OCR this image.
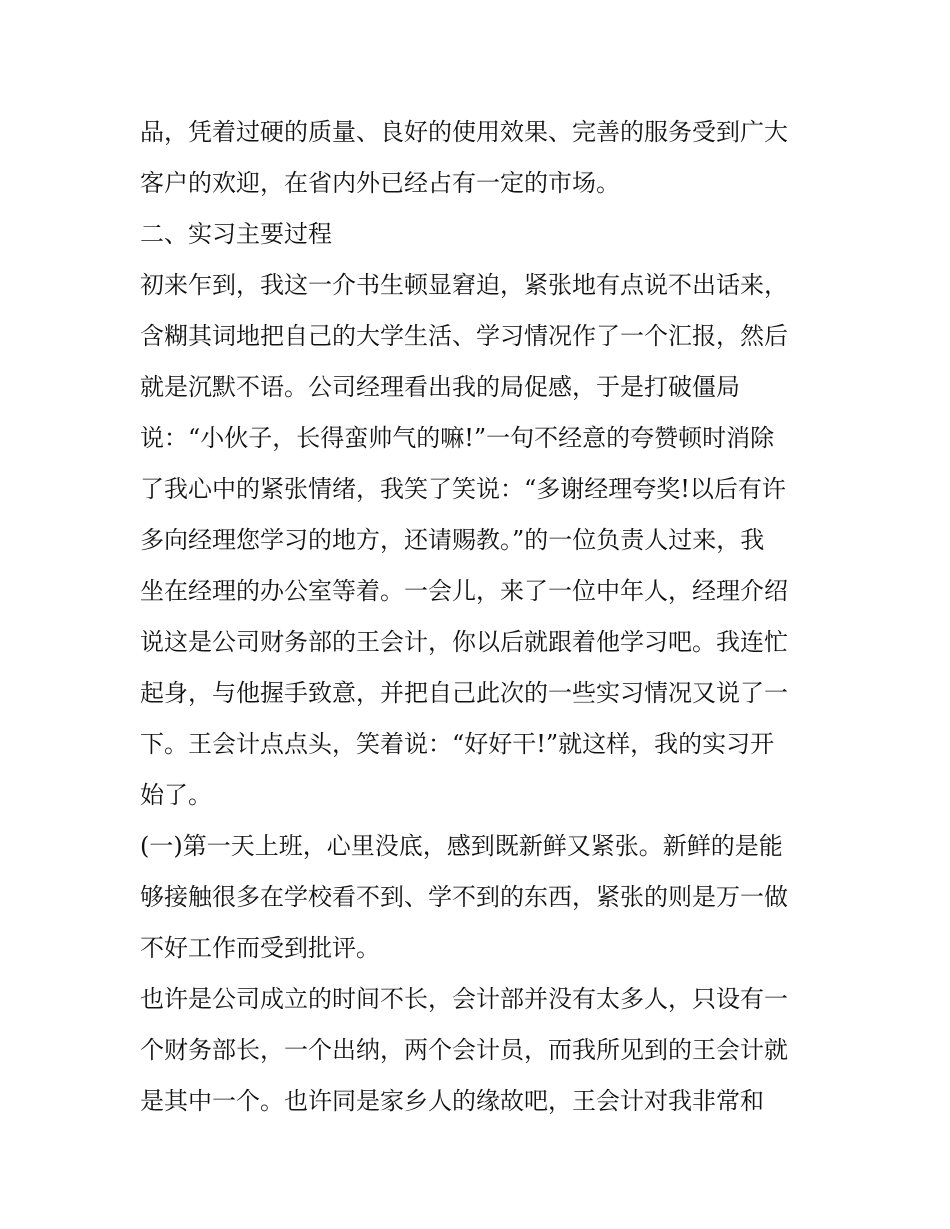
品，凭着过硬的质量、良好的使用效果、完善的服务受到广大
客户的欢迎，在省内外已经占有一定的市场。
二、实习主要过程
初来乍到，我这一介书生顿显窘迫，紧张地有点说不出话来，
含糊其词地把自己的大学生活、学习情况作了一个汇报，然后
就是沉默不语。公司经理看出我的局促感，于是打破僵局
说：“小伙子，长得蛮帅气的嘛!”一句不经意的夸赞顿时消除
了我心中的紧张情绪，我笑了笑说：“多谢经理夸奖!以后有许
多向经理您学习的地方，还请赐教。”的一位负责人过来，我
坐在经理的办公室等着。一会儿，来了一位中年人，经理介绍
说这是公司财务部的王会计，你以后就跟着他学习吧。我连忙
起身，与他握手致意，并把自己此次的一些实习情况又说了一
下。王会计点点头，笑着说：“好好干!”就这样，我的实习开
始了。
(一)第一天上班，心里没底，感到既新鲜又紧张。新鲜的是能
够接触很多在学校看不到、学不到的东西，紧张的则是万一做
不好工作而受到批评。
也许是公司成立的时间不长，会计部并没有太多人，只设有一
个财务部长，一个出纳，两个会计员，而我所见到的王会计就
是其中一个。也许同是家乡人的缘故吧，王会计对我非常和
